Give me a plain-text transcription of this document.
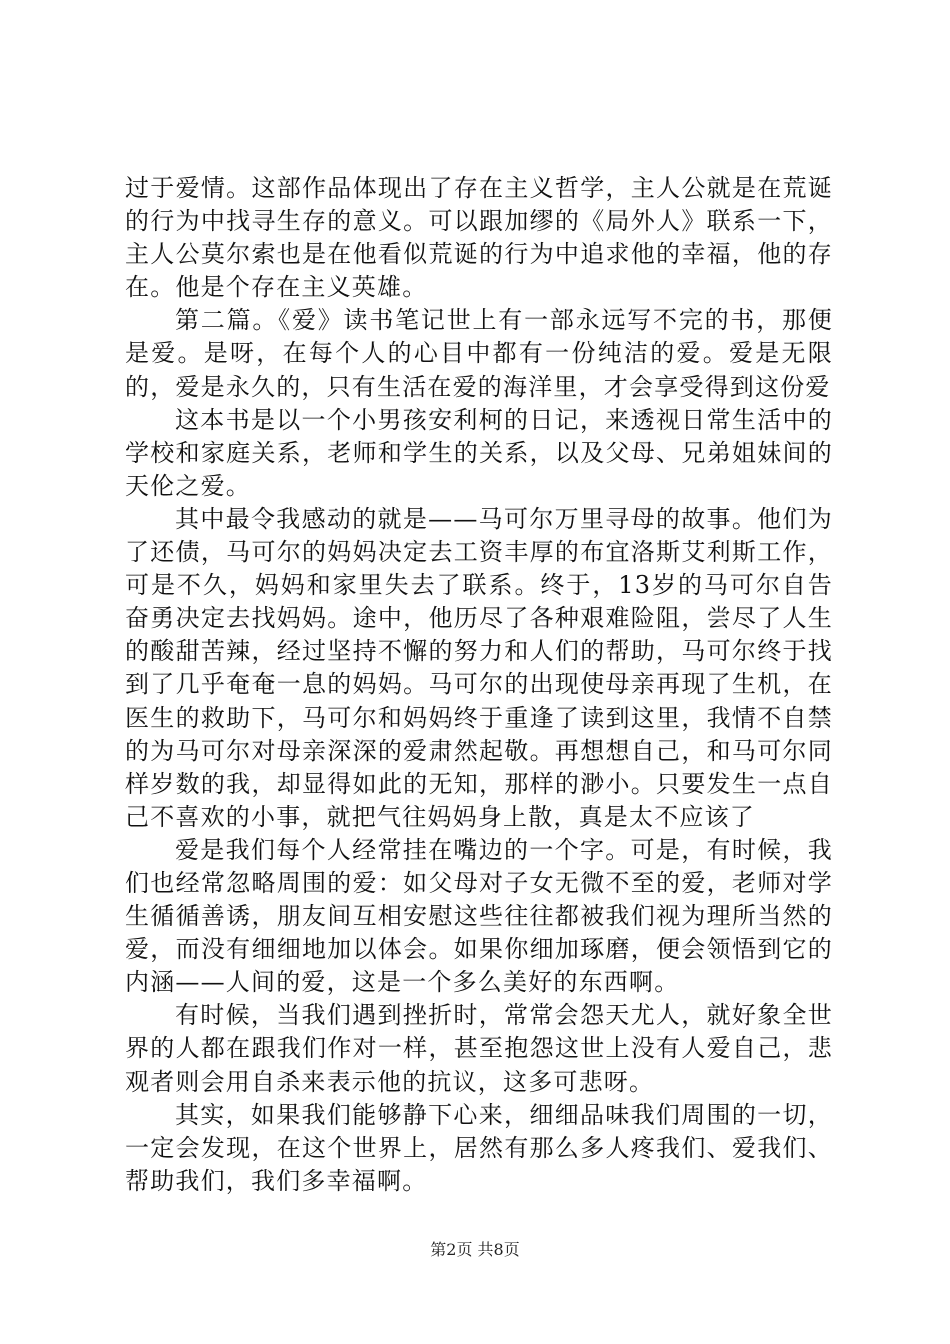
过于爱情。这部作品体现出了存在主义哲学，主人公就是在荒诞的行为中找寻生存的意义。可以跟加缪的《局外人》联系一下，主人公莫尔索也是在他看似荒诞的行为中追求他的幸福，他的存在。他是个存在主义英雄。

第二篇。《爱》读书笔记世上有一部永远写不完的书，那便是爱。是呀，在每个人的心目中都有一份纯洁的爱。爱是无限的，爱是永久的，只有生活在爱的海洋里，才会享受得到这份爱

这本书是以一个小男孩安利柯的日记，来透视日常生活中的学校和家庭关系，老师和学生的关系，以及父母、兄弟姐妹间的天伦之爱。

其中最令我感动的就是——马可尔万里寻母的故事。他们为了还债，马可尔的妈妈决定去工资丰厚的布宜洛斯艾利斯工作，可是不久，妈妈和家里失去了联系。终于，13岁的马可尔自告奋勇决定去找妈妈。途中，他历尽了各种艰难险阻，尝尽了人生的酸甜苦辣，经过坚持不懈的努力和人们的帮助，马可尔终于找到了几乎奄奄一息的妈妈。马可尔的出现使母亲再现了生机，在医生的救助下，马可尔和妈妈终于重逢了读到这里，我情不自禁的为马可尔对母亲深深的爱肃然起敬。再想想自己，和马可尔同样岁数的我，却显得如此的无知，那样的渺小。只要发生一点自己不喜欢的小事，就把气往妈妈身上散，真是太不应该了

爱是我们每个人经常挂在嘴边的一个字。可是，有时候，我们也经常忽略周围的爱：如父母对子女无微不至的爱，老师对学生循循善诱，朋友间互相安慰这些往往都被我们视为理所当然的爱，而没有细细地加以体会。如果你细加琢磨，便会领悟到它的内涵——人间的爱，这是一个多么美好的东西啊。

有时候，当我们遇到挫折时，常常会怨天尤人，就好象全世界的人都在跟我们作对一样，甚至抱怨这世上没有人爱自己，悲观者则会用自杀来表示他的抗议，这多可悲呀。

其实，如果我们能够静下心来，细细品味我们周围的一切，一定会发现，在这个世界上，居然有那么多人疼我们、爱我们、帮助我们，我们多幸福啊。

第2页 共8页
